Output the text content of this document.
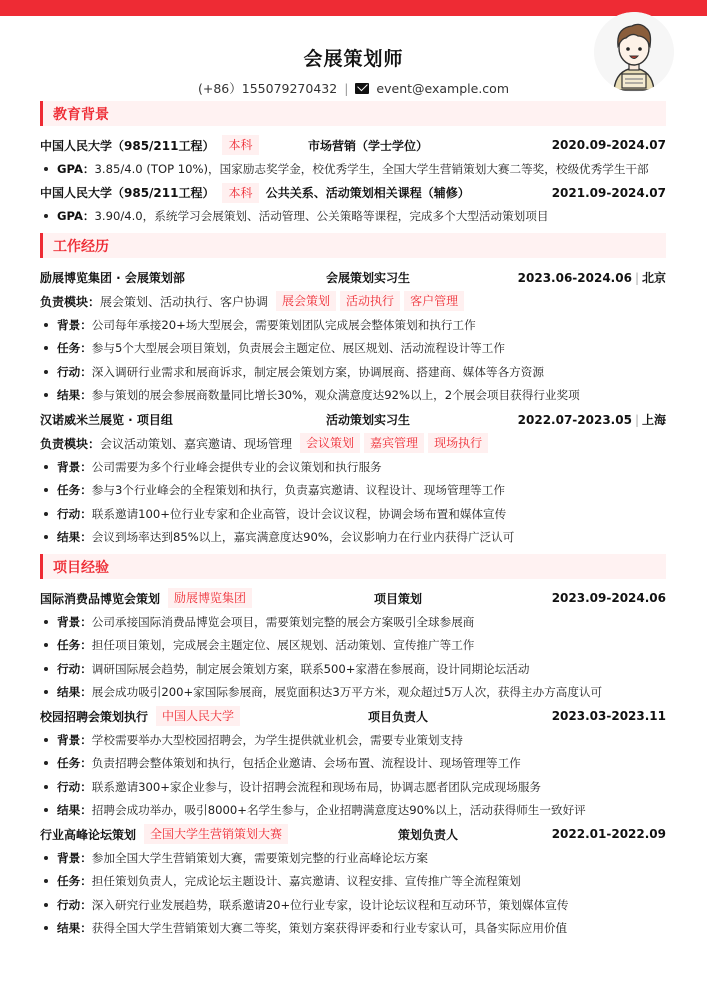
会展策划师
(+86）155079270432 | event@example.com
教育背景
中国人民大学（985/211工程）	本科	市场营销（学士学位）	2020.09-2024.07
GPA： 3.85/4.0 (TOP 10%)，国家励志奖学金，校优秀学生，全国大学生营销策划大赛二等奖，校级优秀学生干部
中国人民大学（985/211工程）	本科	公共关系、活动策划相关课程（辅修）	2021.09-2024.07
GPA： 3.90/4.0，系统学习会展策划、活动管理、公关策略等课程，完成多个大型活动策划项目
工作经历
励展博览集团 · 会展策划部	会展策划实习生	2023.06-2024.06 | 北京
负责模块： 展会策划、活动执行、客户协调	展会策划	活动执行	客户管理
背景： 公司每年承接20+场大型展会，需要策划团队完成展会整体策划和执行工作
任务： 参与5个大型展会项目策划，负责展会主题定位、展区规划、活动流程设计等工作
行动： 深入调研行业需求和展商诉求，制定展会策划方案，协调展商、搭建商、媒体等各方资源
结果： 参与策划的展会参展商数量同比增长30%，观众满意度达92%以上，2个展会项目获得行业奖项
汉诺威米兰展览 · 项目组	活动策划实习生	2022.07-2023.05 | 上海
负责模块： 会议活动策划、嘉宾邀请、现场管理	会议策划	嘉宾管理	现场执行
背景： 公司需要为多个行业峰会提供专业的会议策划和执行服务
任务： 参与3个行业峰会的全程策划和执行，负责嘉宾邀请、议程设计、现场管理等工作
行动： 联系邀请100+位行业专家和企业高管，设计会议议程，协调会场布置和媒体宣传
结果： 会议到场率达到85%以上，嘉宾满意度达90%，会议影响力在行业内获得广泛认可
项目经验
国际消费品博览会策划	励展博览集团	项目策划	2023.09-2024.06
背景： 公司承接国际消费品博览会项目，需要策划完整的展会方案吸引全球参展商
任务： 担任项目策划，完成展会主题定位、展区规划、活动策划、宣传推广等工作
行动： 调研国际展会趋势，制定展会策划方案，联系500+家潜在参展商，设计同期论坛活动
结果： 展会成功吸引200+家国际参展商，展览面积达3万平方米，观众超过5万人次，获得主办方高度认可
校园招聘会策划执行	中国人民大学	项目负责人	2023.03-2023.11
背景： 学校需要举办大型校园招聘会，为学生提供就业机会，需要专业策划支持
任务： 负责招聘会整体策划和执行，包括企业邀请、会场布置、流程设计、现场管理等工作
行动： 联系邀请300+家企业参与，设计招聘会流程和现场布局，协调志愿者团队完成现场服务
结果： 招聘会成功举办，吸引8000+名学生参与，企业招聘满意度达90%以上，活动获得师生一致好评
行业高峰论坛策划	全国大学生营销策划大赛	策划负责人	2022.01-2022.09
背景： 参加全国大学生营销策划大赛，需要策划完整的行业高峰论坛方案
任务： 担任策划负责人，完成论坛主题设计、嘉宾邀请、议程安排、宣传推广等全流程策划
行动： 深入研究行业发展趋势，联系邀请20+位行业专家，设计论坛议程和互动环节，策划媒体宣传
结果： 获得全国大学生营销策划大赛二等奖，策划方案获得评委和行业专家认可，具备实际应用价值
